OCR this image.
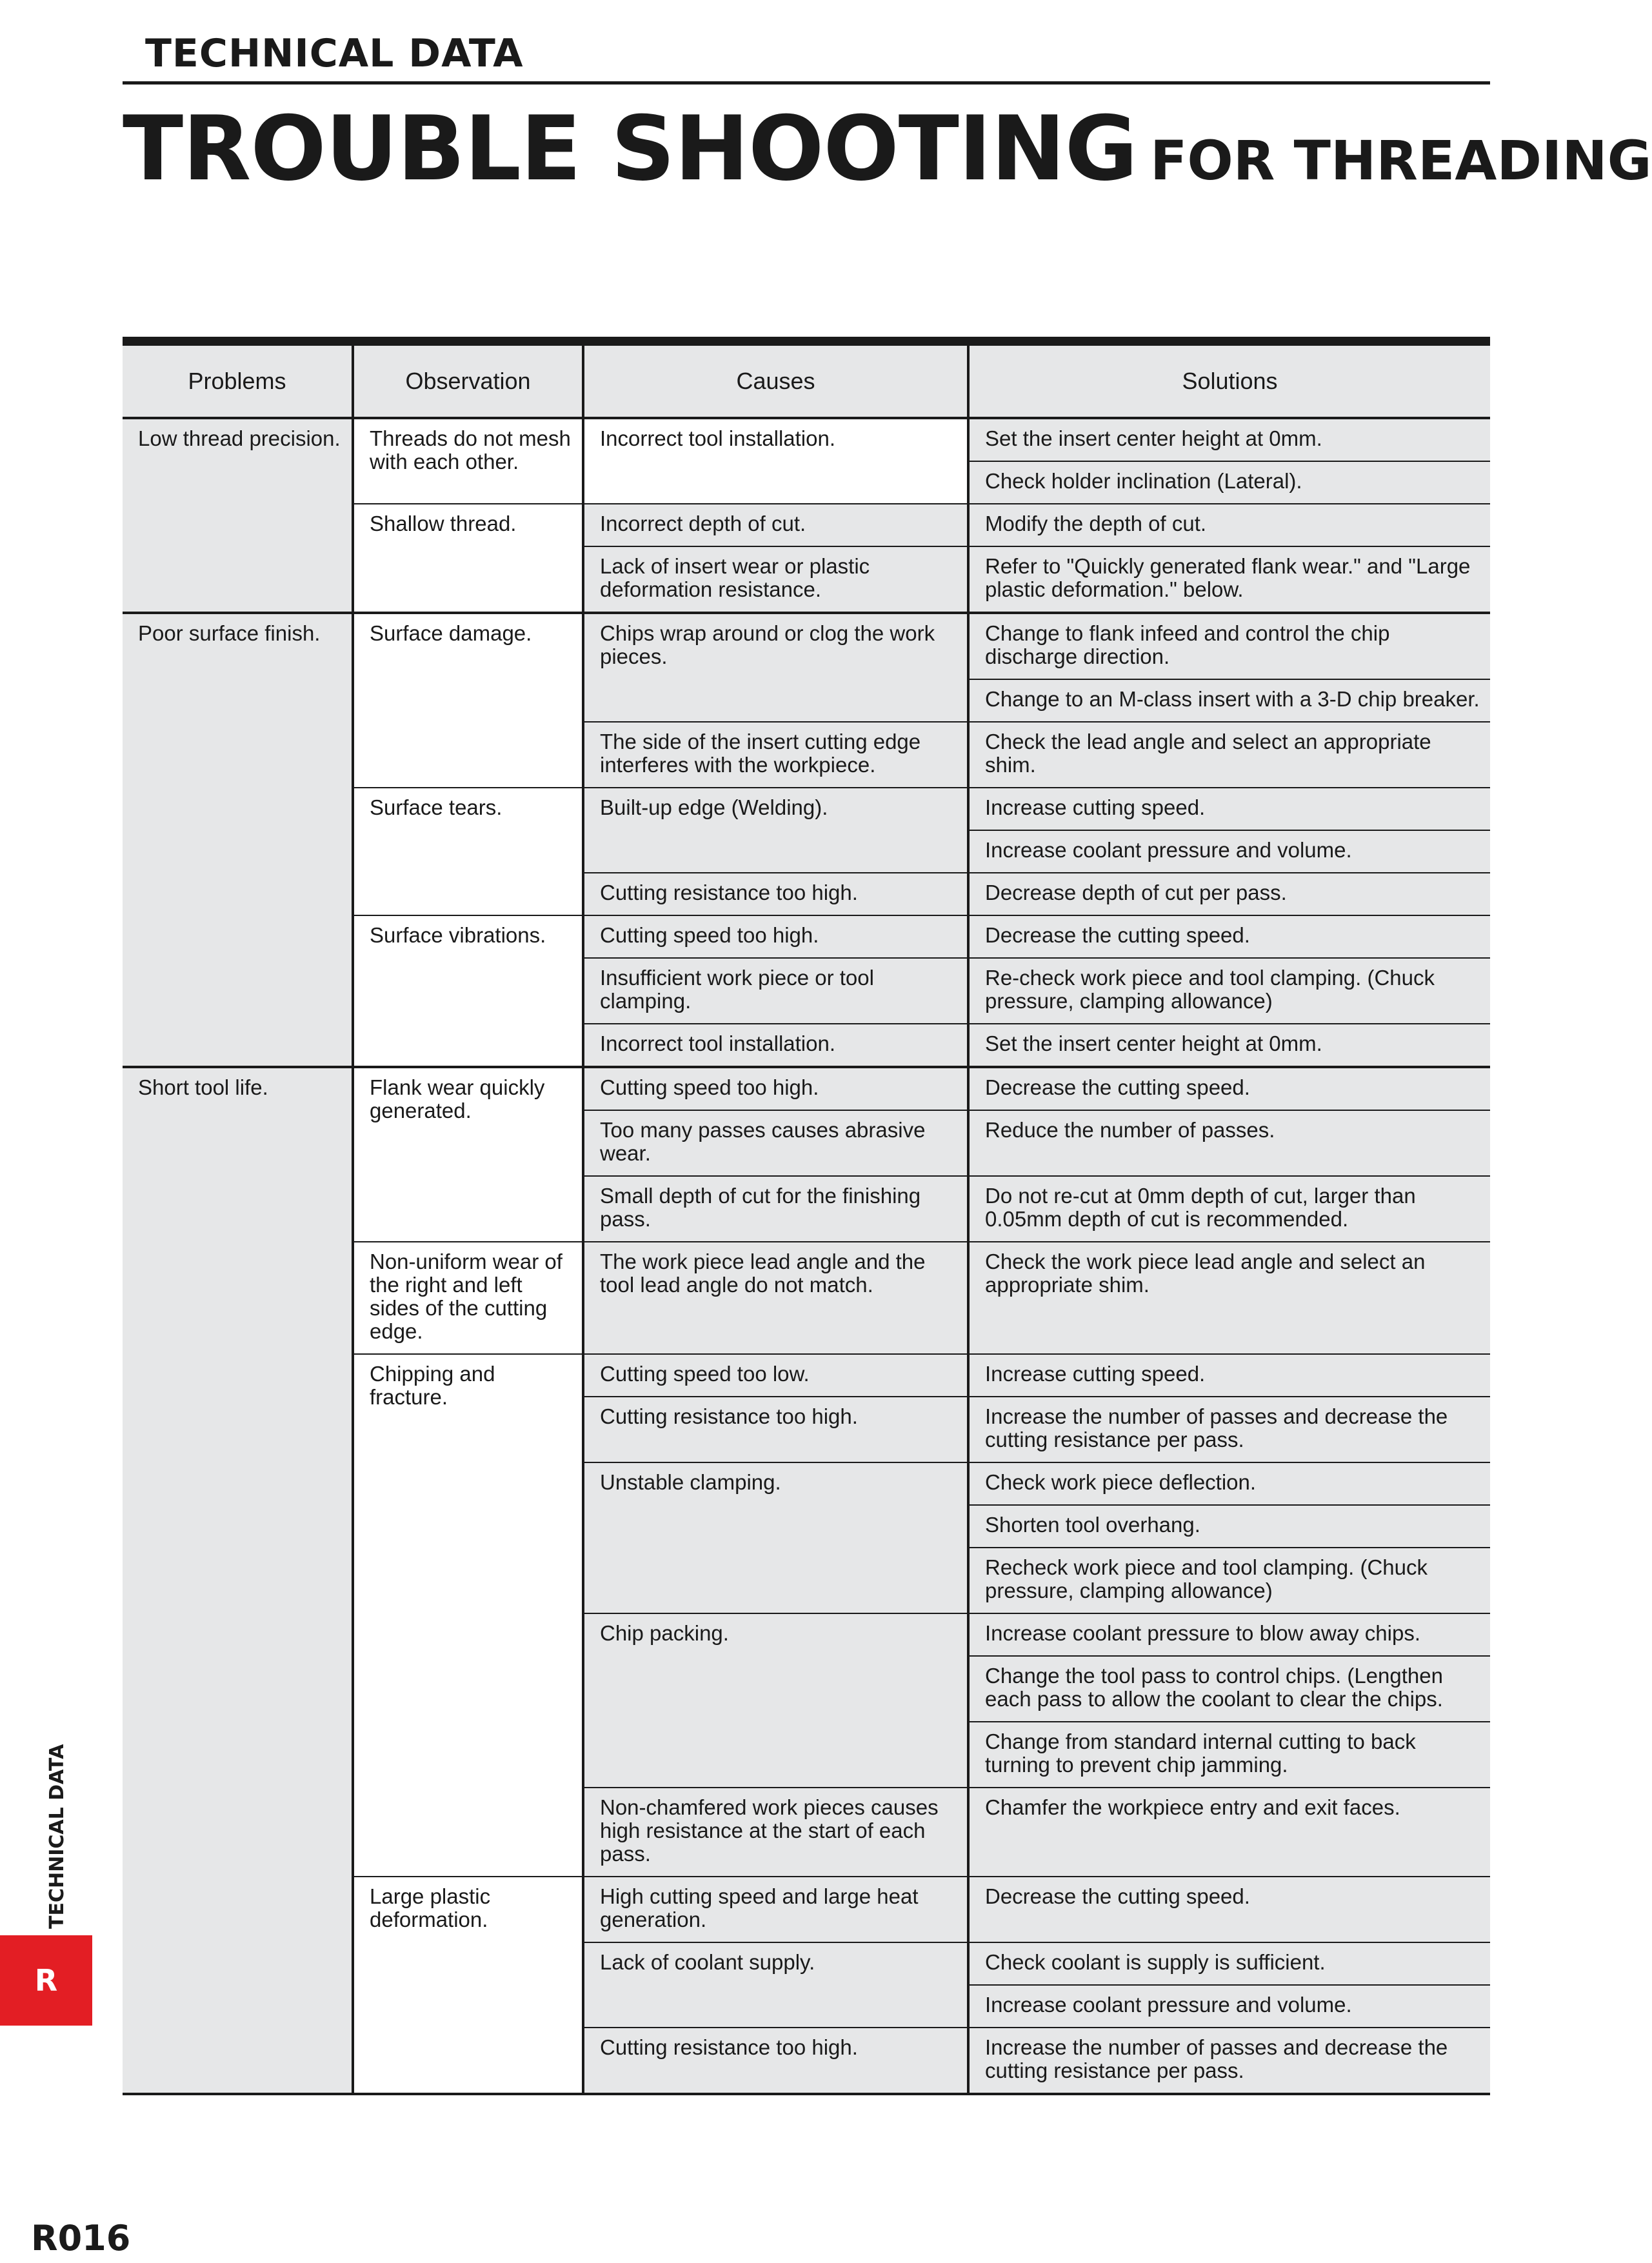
TECHNICAL DATA
TROUBLE SHOOTING FOR THREADING
Problems	Observation	Causes	Solutions
Low thread precision.	Threads do not mesh with each other.	Incorrect tool installation.	Set the insert center height at 0mm.
			Check holder inclination (Lateral).
	Shallow thread.	Incorrect depth of cut.	Modify the depth of cut.
		Lack of insert wear or plastic deformation resistance.	Refer to "Quickly generated flank wear." and "Large plastic deformation." below.
Poor surface finish.	Surface damage.	Chips wrap around or clog the work pieces.	Change to flank infeed and control the chip discharge direction.
			Change to an M-class insert with a 3-D chip breaker.
		The side of the insert cutting edge interferes with the workpiece.	Check the lead angle and select an appropriate shim.
	Surface tears.	Built-up edge (Welding).	Increase cutting speed.
			Increase coolant pressure and volume.
		Cutting resistance too high.	Decrease depth of cut per pass.
	Surface vibrations.	Cutting speed too high.	Decrease the cutting speed.
		Insufficient work piece or tool clamping.	Re-check work piece and tool clamping. (Chuck pressure, clamping allowance)
		Incorrect tool installation.	Set the insert center height at 0mm.
Short tool life.	Flank wear quickly generated.	Cutting speed too high.	Decrease the cutting speed.
		Too many passes causes abrasive wear.	Reduce the number of passes.
		Small depth of cut for the finishing pass.	Do not re-cut at 0mm depth of cut, larger than 0.05mm depth of cut is recommended.
	Non-uniform wear of the right and left sides of the cutting edge.	The work piece lead angle and the tool lead angle do not match.	Check the work piece lead angle and select an appropriate shim.
	Chipping and fracture.	Cutting speed too low.	Increase cutting speed.
		Cutting resistance too high.	Increase the number of passes and decrease the cutting resistance per pass.
		Unstable clamping.	Check work piece deflection.
			Shorten tool overhang.
			Recheck work piece and tool clamping. (Chuck pressure, clamping allowance)
		Chip packing.	Increase coolant pressure to blow away chips.
			Change the tool pass to control chips. (Lengthen each pass to allow the coolant to clear the chips.
			Change from standard internal cutting to back turning to prevent chip jamming.
		Non-chamfered work pieces causes high resistance at the start of each pass.	Chamfer the workpiece entry and exit faces.
	Large plastic deformation.	High cutting speed and large heat generation.	Decrease the cutting speed.
		Lack of coolant supply.	Check coolant is supply is sufficient.
			Increase coolant pressure and volume.
		Cutting resistance too high.	Increase the number of passes and decrease the cutting resistance per pass.
TECHNICAL DATA
R
R016
